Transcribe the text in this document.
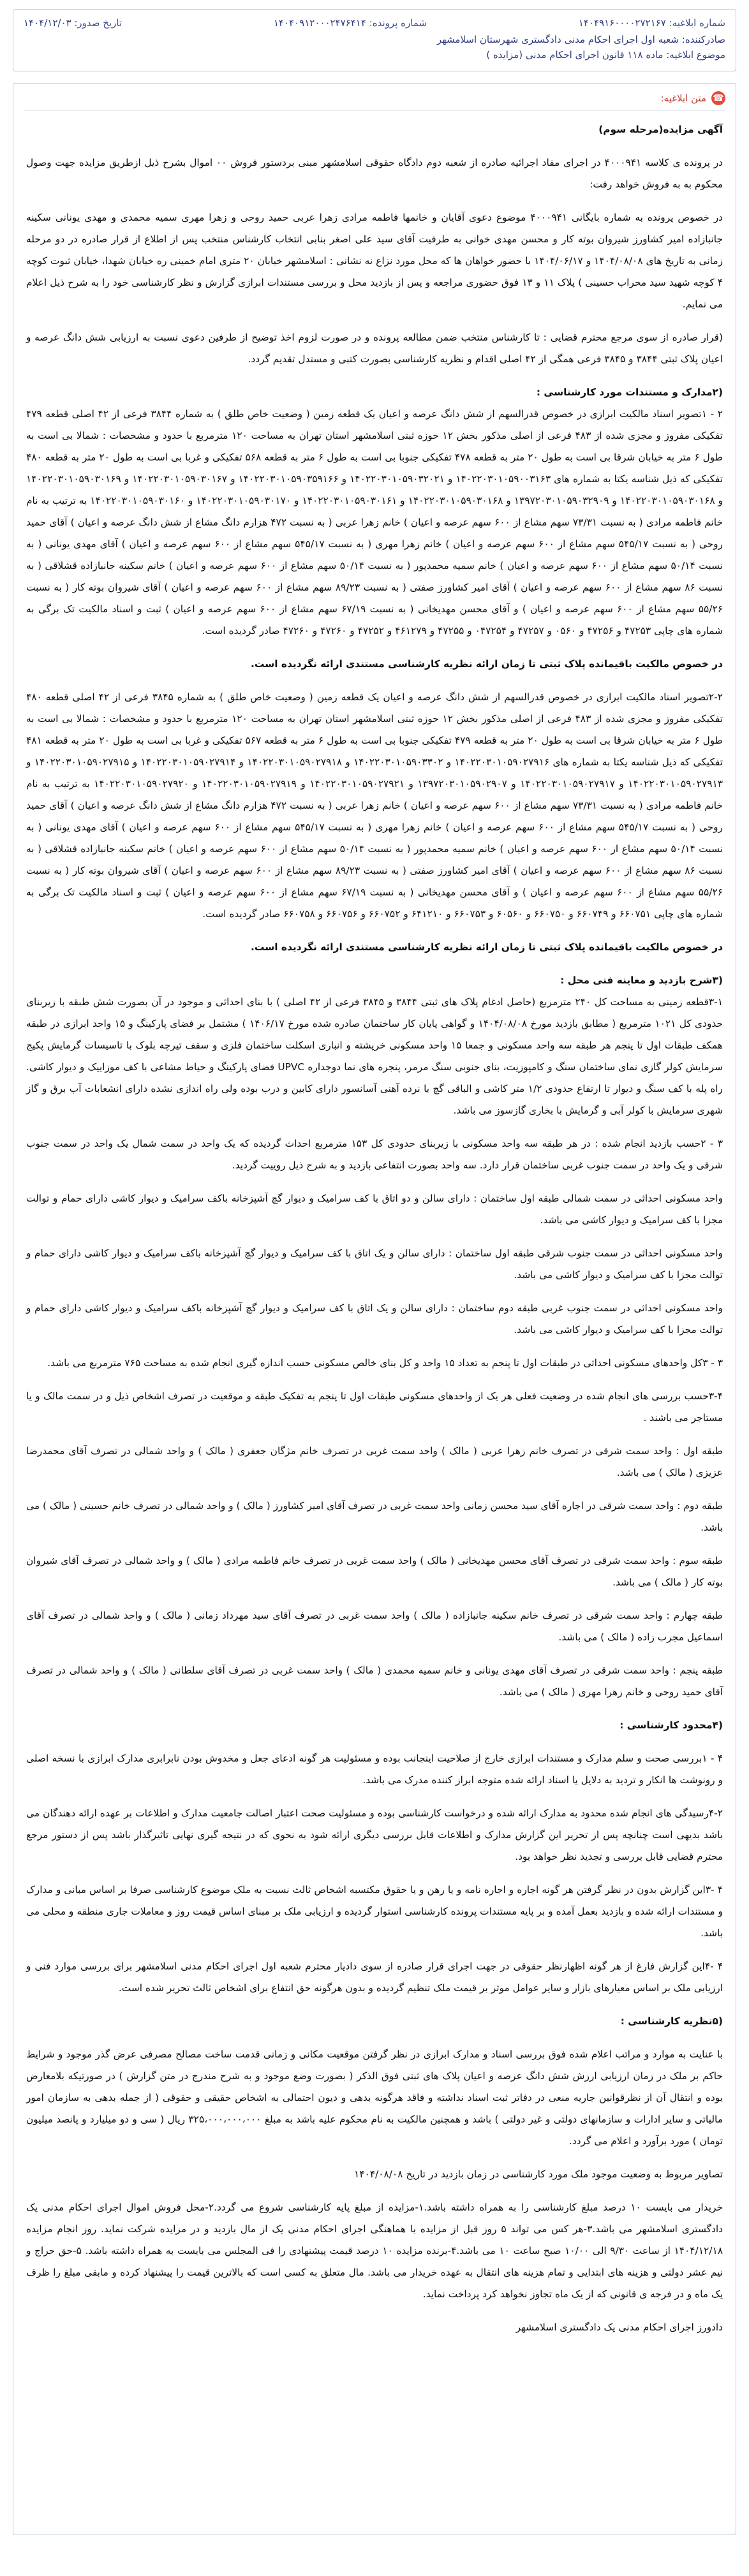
شماره ابلاغیه: ۱۴۰۴۹۱۶۰۰۰۰۲۷۲۱۶۷
شماره پرونده: ۱۴۰۴۰۹۱۲۰۰۰۲۴۷۶۴۱۴
تاریخ صدور: ۱۴۰۴/۱۲/۰۳
صادرکننده: شعبه اول اجرای احکام مدنی دادگستری شهرستان اسلامشهر
موضوع ابلاغیه: ماده ۱۱۸ قانون اجرای احکام مدنی (مزایده )
☎
متن ابلاغیه:

آگهی مزایده(مرحله سوم)

در پرونده ی کلاسه ۴۰۰۰۹۴۱ در اجرای مفاد اجرائیه صادره از شعبه دوم دادگاه حقوقی اسلامشهر مبنی بردستور فروش ۰۰ اموال بشرح ذیل ازطریق مزایده جهت وصول محکوم به به فروش خواهد رفت:

در خصوص پرونده به شماره بایگانی ۴۰۰۰۹۴۱ موضوع دعوی آقایان و خانمها فاطمه مرادی زهرا عربی حمید روحی و زهرا مهری سمیه محمدی و مهدی یونانی سکینه جانبازاده امیر کشاورز شیروان بوته کار و محسن مهدی خوانی به طرفیت آقای سید علی اصغر بنابی انتخاب کارشناس منتخب پس از اطلاع از قرار صادره در دو مرحله زمانی به تاریخ های ۱۴۰۴/۰۸/۰۸ و ۱۴۰۴/۰۶/۱۷ با حضور خواهان ها که محل مورد نزاع نه نشانی : اسلامشهر خیابان ۲۰ متری امام خمینی ره خیابان شهدا، خیابان ثبوت کوچه ۴ کوچه شهید سید محراب حسینی ) پلاک ۱۱ و ۱۳ فوق حضوری مراجعه و پس از بازدید محل و بررسی مستندات ابرازی گزارش و نظر کارشناسی خود را به شرح ذیل اعلام می نمایم.

(قرار صادره از سوی مرجع محترم قضایی : تا کارشناس منتخب ضمن مطالعه پرونده و در صورت لزوم اخذ توضیح از طرفین دعوی نسبت به ارزیابی شش دانگ عرصه و اعیان پلاک ثبتی ۳۸۴۴ و ۳۸۴۵ فرعی همگی از ۴۲ اصلی اقدام و نظریه کارشناسی بصورت کتبی و مستدل تقدیم گردد.

(۲مدارک و مستندات مورد کارشناسی :

۲ - ۱تصویر اسناد مالکیت ابرازی در خصوص قدرالسهم از شش دانگ عرصه و اعیان یک قطعه زمین ( وضعیت خاص طلق ) به شماره ۳۸۴۴ فرعی از ۴۲ اصلی قطعه ۴۷۹ تفکیکی مفروز و مجزی شده از ۴۸۳ فرعی از اصلی مذکور بخش ۱۲ حوزه ثبتی اسلامشهر استان تهران به مساحت ۱۲۰ مترمربع با حدود و مشخصات : شمالا بی است به طول ۶ متر به خیابان شرقا بی است به طول ۲۰ متر به قطعه ۴۷۸ تفکیکی جنوبا بی است به طول ۶ متر به قطعه ۵۶۸ تفکیکی و غربا بی است به طول ۲۰ متر به قطعه ۴۸۰ تفکیکی که ذیل شناسه یکتا به شماره های ۱۴۰۲۲۰۳۰۱۰۵۹۰۰۳۱۶۳ و ۱۴۰۲۲۰۳۰۱۰۵۹۰۳۲۰۲۱ و ۱۴۰۲۲۰۳۰۱۰۵۹۰۳۵۹۱۶۶ و ۱۴۰۲۲۰۳۰۱۰۵۹۰۳۰۱۶۷ و ۱۴۰۲۲۰۳۰۱۰۵۹۰۳۰۱۶۹ و ۱۴۰۲۲۰۳۰۱۰۵۹۰۳۰۱۶۸ و ۱۳۹۷۲۰۳۰۱۰۵۹۰۳۲۹۰۹ و ۱۴۰۲۲۰۳۰۱۰۵۹۰۳۰۱۶۸ و ۱۴۰۲۲۰۳۰۱۰۵۹۰۳۰۱۶۱ و ۱۴۰۲۲۰۳۰۱۰۵۹۰۳۰۱۷۰ و ۱۴۰۲۲۰۳۰۱۰۵۹۰۳۰۱۶۰ به ترتیب به نام خانم فاطمه مرادی ( به نسبت ۷۳/۳۱ سهم مشاع از ۶۰۰ سهم عرصه و اعیان ) خانم زهرا عربی ( به نسبت ۴۷۲ هزارم دانگ مشاع از شش دانگ عرصه و اعیان ) آقای حمید روحی ( به نسبت ۵۴۵/۱۷ سهم مشاع از ۶۰۰ سهم عرصه و اعیان ) خانم زهرا مهری ( به نسبت ۵۴۵/۱۷ سهم مشاع از ۶۰۰ سهم عرصه و اعیان ) آقای مهدی یونانی ( به نسبت ۵۰/۱۴ سهم مشاع از ۶۰۰ سهم عرصه و اعیان ) خانم سمیه محمدپور ( به نسبت ۵۰/۱۴ سهم مشاع از ۶۰۰ سهم عرصه و اعیان ) خانم سکینه جانبازاده قشلاقی ( به نسبت ۸۶ سهم مشاع از ۶۰۰ سهم عرصه و اعیان ) آقای امیر کشاورز صفتی ( به نسبت ۸۹/۲۳ سهم مشاع از ۶۰۰ سهم عرصه و اعیان ) آقای شیروان بوته کار ( به نسبت ۵۵/۲۶ سهم مشاع از ۶۰۰ سهم عرصه و اعیان ) و آقای محسن مهدیخانی ( به نسبت ۶۷/۱۹ سهم مشاع از ۶۰۰ سهم عرصه و اعیان ) ثبت و اسناد مالکیت تک برگی به شماره های چاپی ۴۷۲۵۳ و ۴۷۲۵۶ و ۰۵۶۰ و ۴۷۲۵۷ و ۰۴۷۲۵۴ و ۴۷۲۵۵ و ۴۶۱۲۷۹ و ۴۷۲۵۲ و ۴۷۲۶۰ و ۴۷۲۶۰ صادر گردیده است.

در خصوص مالکیت باقیمانده پلاک ثبتی تا زمان ارائه نظریه کارشناسی مستندی ارائه نگردیده است.

۲-۲تصویر اسناد مالکیت ابرازی در خصوص قدرالسهم از شش دانگ عرصه و اعیان یک قطعه زمین ( وضعیت خاص طلق ) به شماره ۳۸۴۵ فرعی از ۴۲ اصلی قطعه ۴۸۰ تفکیکی مفروز و مجزی شده از ۴۸۳ فرعی از اصلی مذکور بخش ۱۲ حوزه ثبتی اسلامشهر استان تهران به مساحت ۱۲۰ مترمربع با حدود و مشخصات : شمالا بی است به طول ۶ متر به خیابان شرقا بی است به طول ۲۰ متر به قطعه ۴۷۹ تفکیکی جنوبا بی است به طول ۶ متر به قطعه ۵۶۷ تفکیکی و غربا بی است به طول ۲۰ متر به قطعه ۴۸۱ تفکیکی که ذیل شناسه یکتا به شماره های ۱۴۰۲۲۰۳۰۱۰۵۹۰۲۷۹۱۶ و ۱۴۰۲۲۰۳۰۱۰۵۹۰۳۳۰۲ و ۱۴۰۲۲۰۳۰۱۰۵۹۰۲۷۹۱۸ و ۱۴۰۲۲۰۳۰۱۰۵۹۰۲۷۹۱۴ و ۱۴۰۲۲۰۳۰۱۰۵۹۰۲۷۹۱۵ و ۱۴۰۲۲۰۳۰۱۰۵۹۰۲۷۹۱۳ و ۱۴۰۲۲۰۳۰۱۰۵۹۰۲۷۹۱۷ و ۱۳۹۷۲۰۳۰۱۰۵۹۰۲۹۰۷ و ۱۴۰۲۲۰۳۰۱۰۵۹۰۲۷۹۲۱ و ۱۴۰۲۲۰۳۰۱۰۵۹۰۲۷۹۱۹ و ۱۴۰۲۲۰۳۰۱۰۵۹۰۲۷۹۲۰ به ترتیب به نام خانم فاطمه مرادی ( به نسبت ۷۳/۳۱ سهم مشاع از ۶۰۰ سهم عرصه و اعیان ) خانم زهرا عربی ( به نسبت ۴۷۲ هزارم دانگ مشاع از شش دانگ عرصه و اعیان ) آقای حمید روحی ( به نسبت ۵۴۵/۱۷ سهم مشاع از ۶۰۰ سهم عرصه و اعیان ) خانم زهرا مهری ( به نسبت ۵۴۵/۱۷ سهم مشاع از ۶۰۰ سهم عرصه و اعیان ) آقای مهدی یونانی ( به نسبت ۵۰/۱۴ سهم مشاع از ۶۰۰ سهم عرصه و اعیان ) خانم سمیه محمدپور ( به نسبت ۵۰/۱۴ سهم مشاع از ۶۰۰ سهم عرصه و اعیان ) خانم سکینه جانبازاده قشلاقی ( به نسبت ۸۶ سهم مشاع از ۶۰۰ سهم عرصه و اعیان ) آقای امیر کشاورز صفتی ( به نسبت ۸۹/۲۳ سهم مشاع از ۶۰۰ سهم عرصه و اعیان ) آقای شیروان بوته کار ( به نسبت ۵۵/۲۶ سهم مشاع از ۶۰۰ سهم عرصه و اعیان ) و آقای محسن مهدیخانی ( به نسبت ۶۷/۱۹ سهم مشاع از ۶۰۰ سهم عرصه و اعیان ) ثبت و اسناد مالکیت تک برگی به شماره های چاپی ۶۶۰۷۵۱ و ۶۶۰۷۴۹ و ۶۶۰۷۵۰ و ۶۰۵۶۰ و ۶۶۰۷۵۳ و ۶۴۱۲۱۰ و ۶۶۰۷۵۲ و ۶۶۰۷۵۶ و ۶۶۰۷۵۸ صادر گردیده است.

در خصوص مالکیت باقیمانده پلاک ثبتی تا زمان ارائه نظریه کارشناسی مستندی ارائه نگردیده است.

(۳شرح بازدید و معاینه فنی محل :

۳-۱قطعه زمینی به مساحت کل ۲۴۰ مترمربع (حاصل ادغام پلاک های ثبتی ۳۸۴۴ و ۳۸۴۵ فرعی از ۴۲ اصلی ) با بنای احداثی و موجود در آن بصورت شش طبقه با زیربنای حدودی کل ۱۰۲۱ مترمربع ( مطابق بازدید مورخ ۱۴۰۴/۰۸/۰۸ و گواهی پایان کار ساختمان صادره شده مورخ ۱۴۰۶/۱۷ ) مشتمل بر فضای پارکینگ و ۱۵ واحد ابرازی در طبقه همکف طبقات اول تا پنجم هر طبقه سه واحد مسکونی و جمعا ۱۵ واحد مسکونی خرپشته و انباری اسکلت ساختمان فلزی و سقف تیرچه بلوک با تاسیسات گرمایش پکیج سرمایش کولر گازی نمای ساختمان سنگ و کامپوزیت، بنای جنوبی سنگ مرمر، پنجره های نما دوجداره UPVC فضای پارکینگ و حیاط مشاعی با کف موزاییک و دیوار کاشی. راه پله با کف سنگ و دیوار تا ارتفاع حدودی ۱/۲ متر کاشی و الباقی گچ با نرده آهنی آسانسور دارای کابین و درب بوده ولی راه اندازی نشده دارای انشعابات آب برق و گاز شهری سرمایش با کولر آبی و گرمایش با بخاری گازسوز می باشد.

۳ - ۲حسب بازدید انجام شده : در هر طبقه سه واحد مسکونی با زیربنای حدودی کل ۱۵۳ مترمربع احداث گردیده که یک واحد در سمت شمال یک واحد در سمت جنوب شرقی و یک واحد در سمت جنوب غربی ساختمان قرار دارد. سه واحد بصورت انتفاعی بازدید و به شرح ذیل روییت گردید.

واحد مسکونی احداثی در سمت شمالی طبقه اول ساختمان : دارای سالن و دو اتاق با کف سرامیک و دیوار گچ آشپزخانه باکف سرامیک و دیوار کاشی دارای حمام و توالت مجزا با کف سرامیک و دیوار کاشی می باشد.

واحد مسکونی احداثی در سمت جنوب شرقی طبقه اول ساختمان : دارای سالن و یک اتاق با کف سرامیک و دیوار گچ آشپزخانه باکف سرامیک و دیوار کاشی دارای حمام و توالت مجزا با کف سرامیک و دیوار کاشی می باشد.

واحد مسکونی احداثی در سمت جنوب غربی طبقه دوم ساختمان : دارای سالن و یک اتاق با کف سرامیک و دیوار گچ آشپزخانه باکف سرامیک و دیوار کاشی دارای حمام و توالت مجزا با کف سرامیک و دیوار کاشی می باشد.

۳ - ۳کل واحدهای مسکونی احداثی در طبقات اول تا پنجم به تعداد ۱۵ واحد و کل بنای خالص مسکونی حسب اندازه گیری انجام شده به مساحت ۷۶۵ مترمربع می باشد.

۳-۴حسب بررسی های انجام شده در وضعیت فعلی هر یک از واحدهای مسکونی طبقات اول تا پنجم به تفکیک طبقه و موقعیت در تصرف اشخاص ذیل و در سمت مالک و یا مستاجر می باشند .

طبقه اول : واحد سمت شرقی در تصرف خانم زهرا عربی ( مالک ) واحد سمت غربی در تصرف خانم مژگان جعفری ( مالک ) و واحد شمالی در تصرف آقای محمدرضا عزیزی ( مالک ) می باشد.

طبقه دوم : واحد سمت شرقی در اجاره آقای سید محسن زمانی واحد سمت غربی در تصرف آقای امیر کشاورز ( مالک ) و واحد شمالی در تصرف خانم حسینی ( مالک ) می باشد.

طبقه سوم : واحد سمت شرقی در تصرف آقای محسن مهدیخانی ( مالک ) واحد سمت غربی در تصرف خانم فاطمه مرادی ( مالک ) و واحد شمالی در تصرف آقای شیروان بوته کار ( مالک ) می باشد.

طبقه چهارم : واحد سمت شرقی در تصرف خانم سکینه جانبازاده ( مالک ) واحد سمت غربی در تصرف آقای سید مهرداد زمانی ( مالک ) و واحد شمالی در تصرف آقای اسماعیل مجرب زاده ( مالک ) می باشد.

طبقه پنجم : واحد سمت شرقی در تصرف آقای مهدی یونانی و خانم سمیه محمدی ( مالک ) واحد سمت غربی در تصرف آقای سلطانی ( مالک ) و واحد شمالی در تصرف آقای حمید روحی و خانم زهرا مهری ( مالک ) می باشد.

(۴محدود کارشناسی :

۴ - ۱بررسی صحت و سلم مدارک و مستندات ابرازی خارج از صلاحیت اینجانب بوده و مسئولیت هر گونه ادعای جعل و مخدوش بودن نابرابری مدارک ابرازی با نسخه اصلی و رونوشت ها انکار و تردید به دلایل یا اسناد ارائه شده متوجه ابراز کننده مدرک می باشد.

۴-۲رسیدگی های انجام شده محدود به مدارک ارائه شده و درخواست کارشناسی بوده و مسئولیت صحت اعتبار اصالت جامعیت مدارک و اطلاعات بر عهده ارائه دهندگان می باشد بدیهی است چنانچه پس از تحریر این گزارش مدارک و اطلاعات قابل بررسی دیگری ارائه شود به نحوی که در نتیجه گیری نهایی تاثیرگذار باشد پس از دستور مرجع محترم قضایی قابل بررسی و تجدید نظر خواهد بود.

۴ -۳این گزارش بدون در نظر گرفتن هر گونه اجاره و اجاره نامه و یا رهن و یا حقوق مکتسبه اشخاص ثالث نسبت به ملک موضوع کارشناسی صرفا بر اساس مبانی و مدارک و مستندات ارائه شده و بازدید بعمل آمده و بر پایه مستندات پرونده کارشناسی استوار گردیده و ارزیابی ملک بر مبنای اساس قیمت روز و معاملات جاری منطقه و محلی می باشد.

۴ -۴این گزارش فارغ از هر گونه اظهارنظر حقوقی در جهت اجرای قرار صادره از سوی دادیار محترم شعبه اول اجرای احکام مدنی اسلامشهر برای بررسی موارد فنی و ارزیابی ملک بر اساس معیارهای بازار و سایر عوامل موثر بر قیمت ملک تنظیم گردیده و بدون هرگونه حق انتفاع برای اشخاص ثالث تحریر شده است.

(۵نظریه کارشناسی :

با عنایت به موارد و مراتب اعلام شده فوق بررسی اسناد و مدارک ابرازی در نظر گرفتن موقعیت مکانی و زمانی قدمت ساخت مصالح مصرفی عرض گذر موجود و شرایط حاکم بر ملک در زمان ارزیابی ارزش شش دانگ عرصه و اعیان پلاک های ثبتی فوق الذکر ( بصورت وضع موجود و به شرح مندرج در متن گزارش ) در صورتیکه بلامعارض بوده و انتقال آن از نظرقوانین جاریه منعی در دفاتر ثبت اسناد نداشته و فاقد هرگونه بدهی و دیون احتمالی به اشخاص حقیقی و حقوقی ( از جمله بدهی به سازمان امور مالیاتی و سایر ادارات و سازمانهای دولتی و غیر دولتی ) باشد و همچنین مالکیت به نام محکوم علیه باشد به مبلغ ۳۲۵،۰۰۰،۰۰۰،۰۰۰ ریال ( سی و دو میلیارد و پانصد میلیون تومان ) مورد برآورد و اعلام می گردد.

تصاویر مربوط به وضعیت موجود ملک مورد کارشناسی در زمان بازدید در تاریخ ۱۴۰۴/۰۸/۰۸

خریدار می بایست ۱۰ درصد مبلغ کارشناسی را به همراه داشته باشد.۱-مزایده از مبلغ پایه کارشناسی شروع می گردد.۲-محل فروش اموال اجرای احکام مدنی یک دادگستری اسلامشهر می باشد.۳-هر کس می تواند ۵ روز قبل از مزایده با هماهنگی اجرای احکام مدنی یک از مال بازدید و در مزایده شرکت نماید. روز انجام مزایده ۱۴۰۴/۱۲/۱۸ از ساعت ۹/۳۰ الی ۱۰/۰۰ صبح ساعت ۱۰ می باشد.۴-برنده مزایده ۱۰ درصد قیمت پیشنهادی را فی المجلس می بایست به همراه داشته باشد. ۵-حق حراج و نیم عشر دولتی و هزینه های ابتدایی و تمام هزینه های انتقال به عهده خریدار می باشد. مال متعلق به کسی است که بالاترین قیمت را پیشنهاد کرده و مابقی مبلغ را ظرف یک ماه و در فرجه ی قانونی که از یک ماه تجاوز نخواهد کرد پرداخت نماید.

دادورز اجرای احکام مدنی یک دادگستری اسلامشهر
